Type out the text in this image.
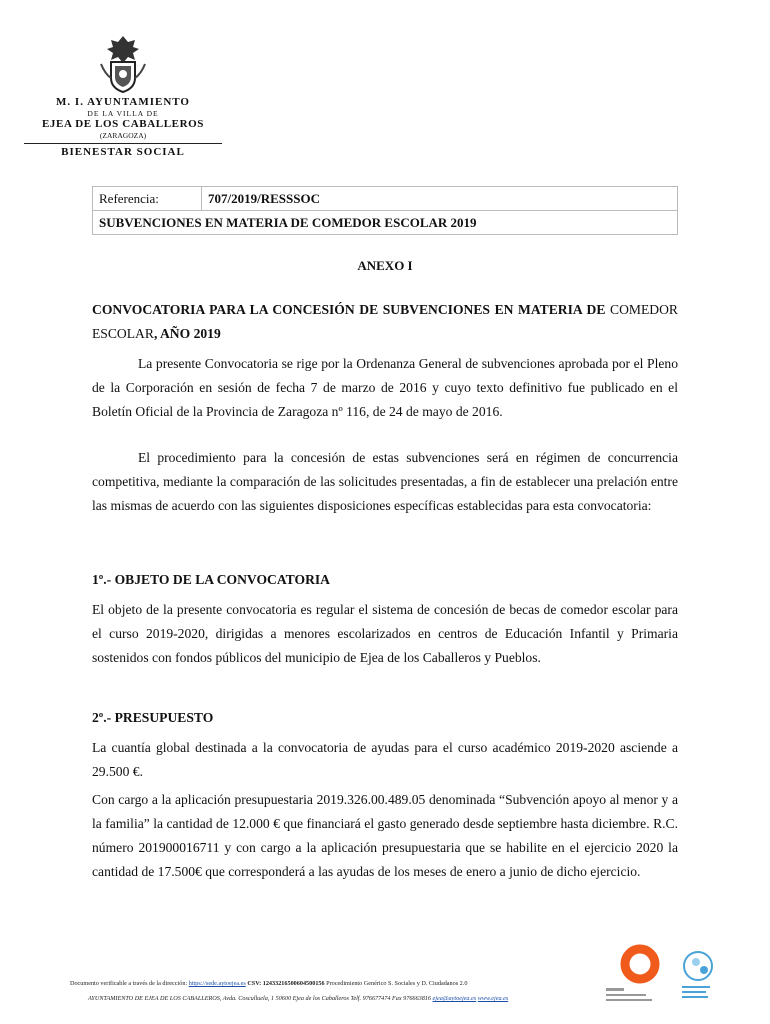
M. I. AYUNTAMIENTO
DE LA VILLA DE
EJEA DE LOS CABALLEROS
(ZARAGOZA)
BIENESTAR SOCIAL
Referencia:	707/2019/RESSSOC
SUBVENCIONES EN MATERIA DE COMEDOR ESCOLAR 2019
ANEXO I
CONVOCATORIA PARA LA CONCESIÓN DE SUBVENCIONES EN MATERIA DE COMEDOR ESCOLAR, AÑO 2019

La presente Convocatoria se rige por la Ordenanza General de subvenciones aprobada por el Pleno de la Corporación en sesión de fecha 7 de marzo de 2016 y cuyo texto definitivo fue publicado en el Boletín Oficial de la Provincia de Zaragoza nº 116, de 24 de mayo de 2016.

El procedimiento para la concesión de estas subvenciones será en régimen de concurrencia competitiva, mediante la comparación de las solicitudes presentadas, a fin de establecer una prelación entre las mismas de acuerdo con las siguientes disposiciones específicas establecidas para esta convocatoria:

1º.- OBJETO DE LA CONVOCATORIA

El objeto de la presente convocatoria es regular el sistema de concesión de becas de comedor escolar para el curso 2019-2020, dirigidas a menores escolarizados en centros de Educación Infantil y Primaria sostenidos con fondos públicos del municipio de Ejea de los Caballeros y Pueblos.

2º.- PRESUPUESTO

La cuantía global destinada a la convocatoria de ayudas para el curso académico 2019-2020 asciende a 29.500 €.

Con cargo a la aplicación presupuestaria 2019.326.00.489.05 denominada “Subvención apoyo al menor y a la familia” la cantidad de 12.000 € que financiará el gasto generado desde septiembre hasta diciembre. R.C. número 201900016711 y con cargo a la aplicación presupuestaria que se habilite en el ejercicio 2020 la cantidad de 17.500€ que corresponderá a las ayudas de los meses de enero a junio de dicho ejercicio.

Documento verificable a través de la dirección: https://sede.aytoejea.es CSV: 12433216500604500156 Procedimiento Genérico S. Sociales y D. Ciudadanos 2.0
AYUNTAMIENTO DE EJEA DE LOS CABALLEROS, Avda. Cosculluela, 1 50600 Ejea de los Caballeros Telf. 976677474 Fax 976663816 ejea@aytoejea.es www.ejea.es
